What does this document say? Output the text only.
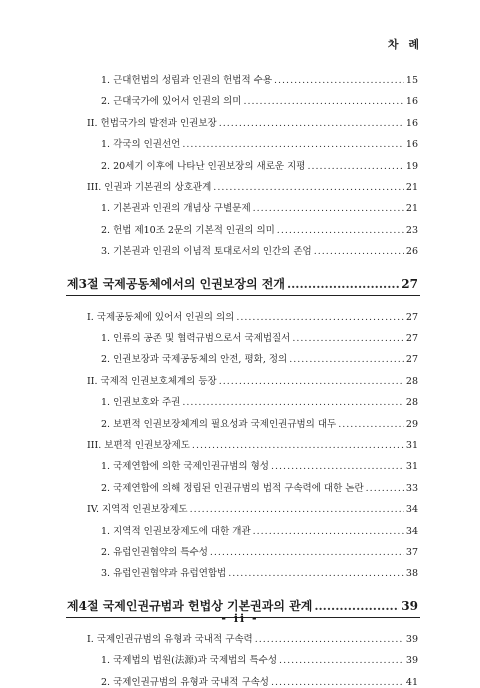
차 례
1. 근대헌법의 성립과 인권의 헌법적 수용 .....	15
2. 근대국가에 있어서 인권의 의미 .....	16
II. 헌법국가의 발전과 인권보장 .....	16
1. 각국의 인권선언 .....	16
2. 20세기 이후에 나타난 인권보장의 새로운 지평 .....	19
III. 인권과 기본권의 상호관계 .....	21
1. 기본권과 인권의 개념상 구별문제 .....	21
2. 헌법 제10조 2문의 기본적 인권의 의미 .....	23
3. 기본권과 인권의 이념적 토대로서의 인간의 존엄 .....	26
제3절 국제공동체에서의 인권보장의 전개 .....	27
I. 국제공동체에 있어서 인권의 의의 .....	27
1. 인류의 공존 및 협력규범으로서 국제법질서 .....	27
2. 인권보장과 국제공동체의 안전, 평화, 정의 .....	27
II. 국제적 인권보호체계의 등장 .....	28
1. 인권보호와 주권 .....	28
2. 보편적 인권보장체계의 필요성과 국제인권규범의 대두 .....	29
III. 보편적 인권보장제도 .....	31
1. 국제연합에 의한 국제인권규범의 형성 .....	31
2. 국제연합에 의해 정립된 인권규범의 법적 구속력에 대한 논란 .....	33
IV. 지역적 인권보장제도 .....	34
1. 지역적 인권보장제도에 대한 개관 .....	34
2. 유럽인권협약의 특수성 .....	37
3. 유럽인권협약과 유럽연합법 .....	38
제4절 국제인권규범과 헌법상 기본권과의 관계 .....	39
I. 국제인권규범의 유형과 국내적 구속력 .....	39
1. 국제법의 법원(法源)과 국제법의 특수성 .....	39
2. 국제인권규범의 유형과 국내적 구속성 .....	41
- ii -
